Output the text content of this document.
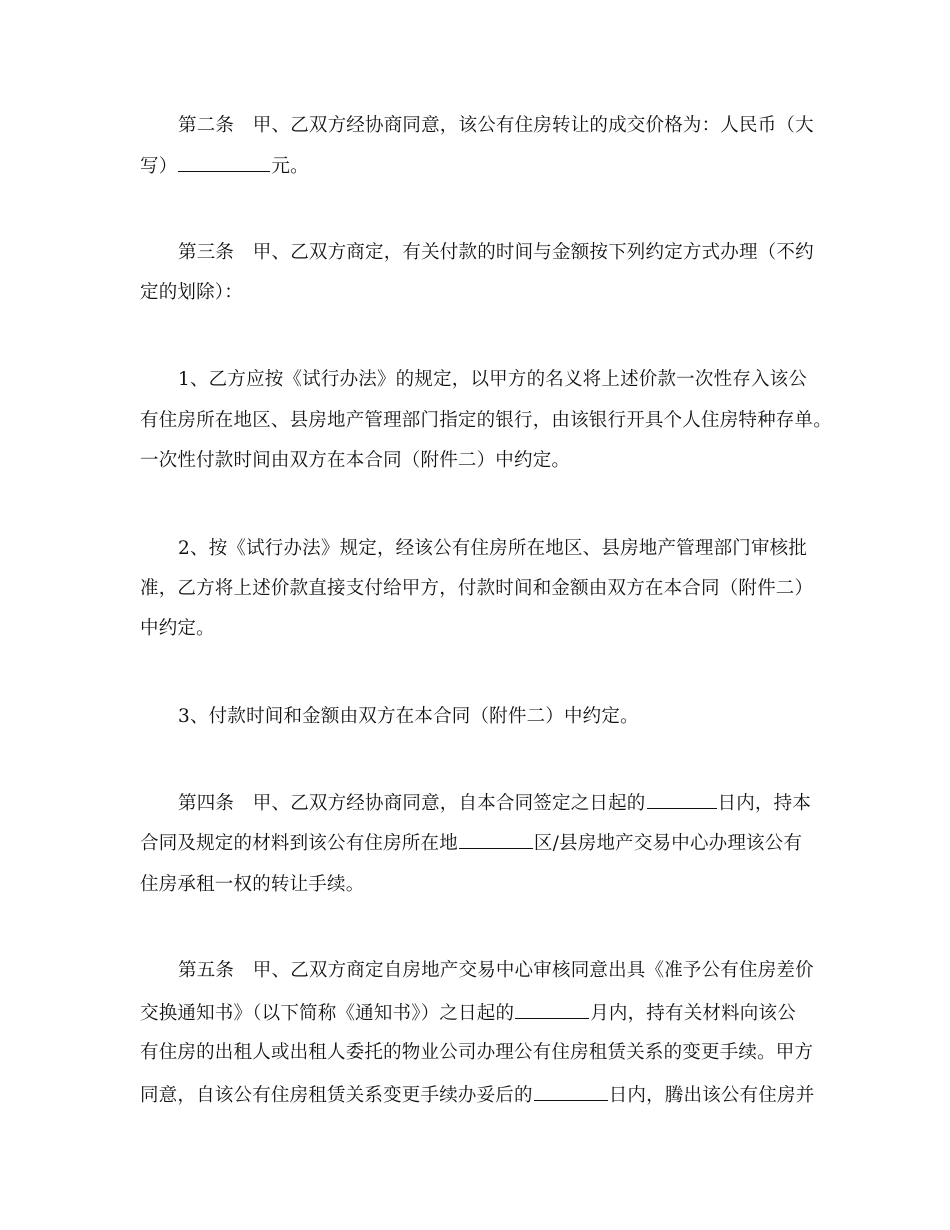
第二条　甲、乙双方经协商同意，该公有住房转让的成交价格为：人民币（大
写）	元。
第三条　甲、乙双方商定，有关付款的时间与金额按下列约定方式办理（不约
定的划除）：
1、乙方应按《试行办法》的规定，以甲方的名义将上述价款一次性存入该公
有住房所在地区、县房地产管理部门指定的银行，由该银行开具个人住房特种存单。
一次性付款时间由双方在本合同（附件二）中约定。
2、按《试行办法》规定，经该公有住房所在地区、县房地产管理部门审核批
准，乙方将上述价款直接支付给甲方，付款时间和金额由双方在本合同（附件二）
中约定。
3、付款时间和金额由双方在本合同（附件二）中约定。
第四条　甲、乙双方经协商同意，自本合同签定之日起的	日内，持本
合同及规定的材料到该公有住房所在地	区/县房地产交易中心办理该公有
住房承租一权的转让手续。
第五条　甲、乙双方商定自房地产交易中心审核同意出具《准予公有住房差价
交换通知书》（以下简称《通知书》）之日起的	月内，持有关材料向该公
有住房的出租人或出租人委托的物业公司办理公有住房租赁关系的变更手续。甲方
同意，自该公有住房租赁关系变更手续办妥后的	日内，腾出该公有住房并
